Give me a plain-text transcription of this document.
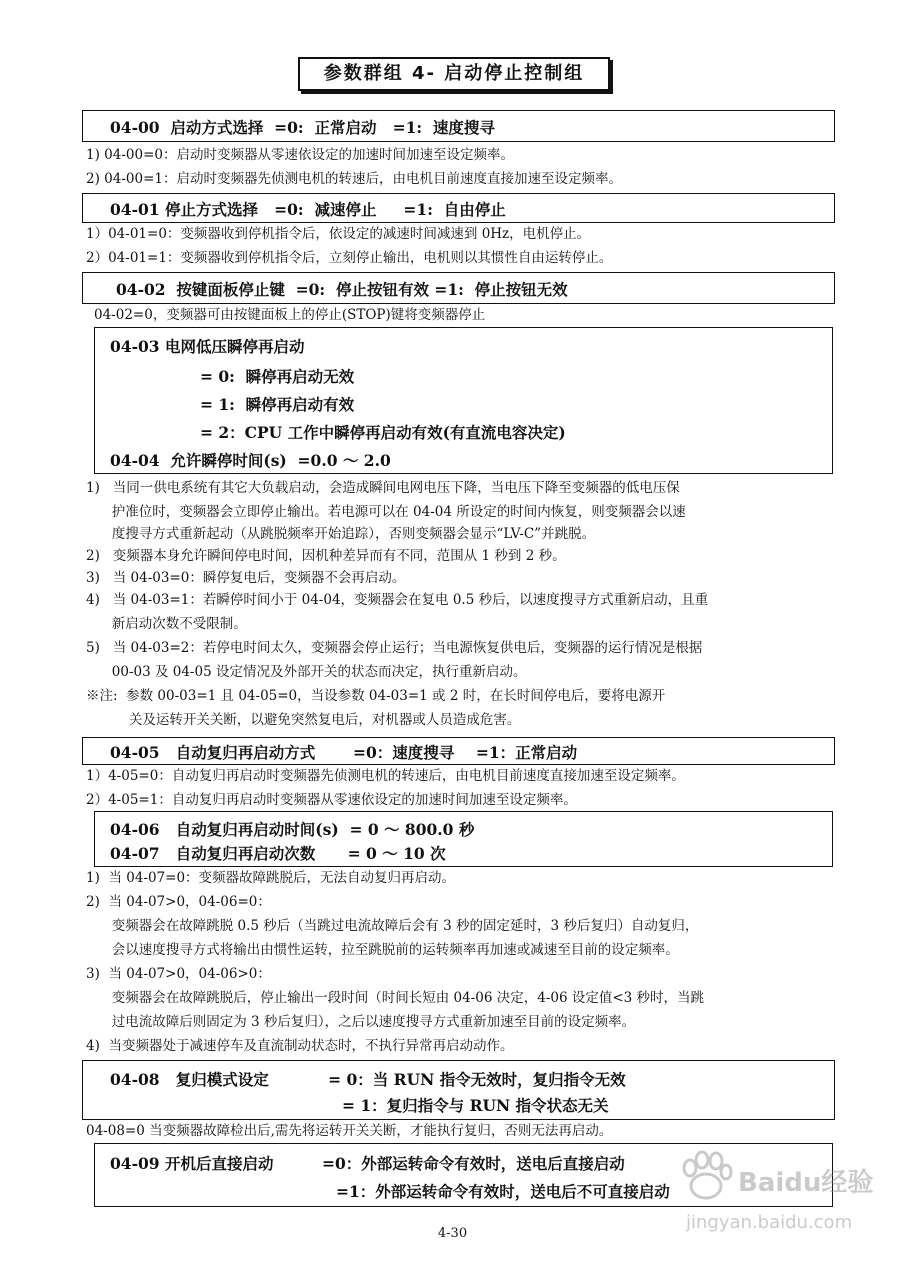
参数群组 4- 启动停止控制组
04-00  启动方式选择  =0:  正常启动   =1:  速度搜寻
1) 04-00=0：启动时变频器从零速依设定的加速时间加速至设定频率。
2) 04-00=1：启动时变频器先侦测电机的转速后，由电机目前速度直接加速至设定频率。
04-01 停止方式选择   =0:  减速停止     =1:  自由停止
1）04-01=0：变频器收到停机指令后，依设定的减速时间减速到 0Hz，电机停止。
2）04-01=1：变频器收到停机指令后，立刻停止输出，电机则以其惯性自由运转停止。
04-02  按键面板停止键  =0:  停止按钮有效 =1:  停止按钮无效
04-02=0，变频器可由按键面板上的停止(STOP)键将变频器停止
04-03 电网低压瞬停再启动
= 0:  瞬停再启动无效
= 1:  瞬停再启动有效
= 2：CPU 工作中瞬停再启动有效(有直流电容决定)
04-04  允许瞬停时间(s)  =0.0 ～ 2.0
1)   当同一供电系统有其它大负载启动，会造成瞬间电网电压下降，当电压下降至变频器的低电压保
护准位时，变频器会立即停止输出。若电源可以在 04-04 所设定的时间内恢复，则变频器会以速
度搜寻方式重新起动（从跳脱频率开始追踪），否则变频器会显示“LV-C”并跳脱。
2)   变频器本身允许瞬间停电时间，因机种差异而有不同，范围从 1 秒到 2 秒。
3)   当 04-03=0：瞬停复电后，变频器不会再启动。
4)   当 04-03=1：若瞬停时间小于 04-04，变频器会在复电 0.5 秒后，以速度搜寻方式重新启动，且重
新启动次数不受限制。
5)   当 04-03=2：若停电时间太久，变频器会停止运行；当电源恢复供电后，变频器的运行情况是根据
00-03 及 04-05 设定情况及外部开关的状态而决定，执行重新启动。
※注:  参数 00-03=1 且 04-05=0，当设参数 04-03=1 或 2 时，在长时间停电后，要将电源开
关及运转开关关断，以避免突然复电后，对机器或人员造成危害。
04-05   自动复归再启动方式       =0：速度搜寻    =1：正常启动
1）4-05=0：自动复归再启动时变频器先侦测电机的转速后，由电机目前速度直接加速至设定频率。
2）4-05=1：自动复归再启动时变频器从零速依设定的加速时间加速至设定频率。
04-06   自动复归再启动时间(s)  = 0 ～ 800.0 秒
04-07   自动复归再启动次数      = 0 ～ 10 次
1)  当 04-07=0：变频器故障跳脱后，无法自动复归再启动。
2)  当 04-07>0，04-06=0：
变频器会在故障跳脱 0.5 秒后（当跳过电流故障后会有 3 秒的固定延时，3 秒后复归）自动复归，
会以速度搜寻方式将输出由惯性运转，拉至跳脱前的运转频率再加速或减速至目前的设定频率。
3)  当 04-07>0，04-06>0：
变频器会在故障跳脱后，停止输出一段时间（时间长短由 04-06 决定，4-06 设定值<3 秒时，当跳
过电流故障后则固定为 3 秒后复归），之后以速度搜寻方式重新加速至目前的设定频率。
4)  当变频器处于减速停车及直流制动状态时，不执行异常再启动动作。
04-08   复归模式设定           = 0：当 RUN 指令无效时，复归指令无效
= 1：复归指令与 RUN 指令状态无关
04-08=0 当变频器故障检出后,需先将运转开关关断，才能执行复归，否则无法再启动。
04-09 开机后直接启动         =0：外部运转命令有效时，送电后直接启动
=1：外部运转命令有效时，送电后不可直接启动
4-30
Baidu经验
jingyan.baidu.com
